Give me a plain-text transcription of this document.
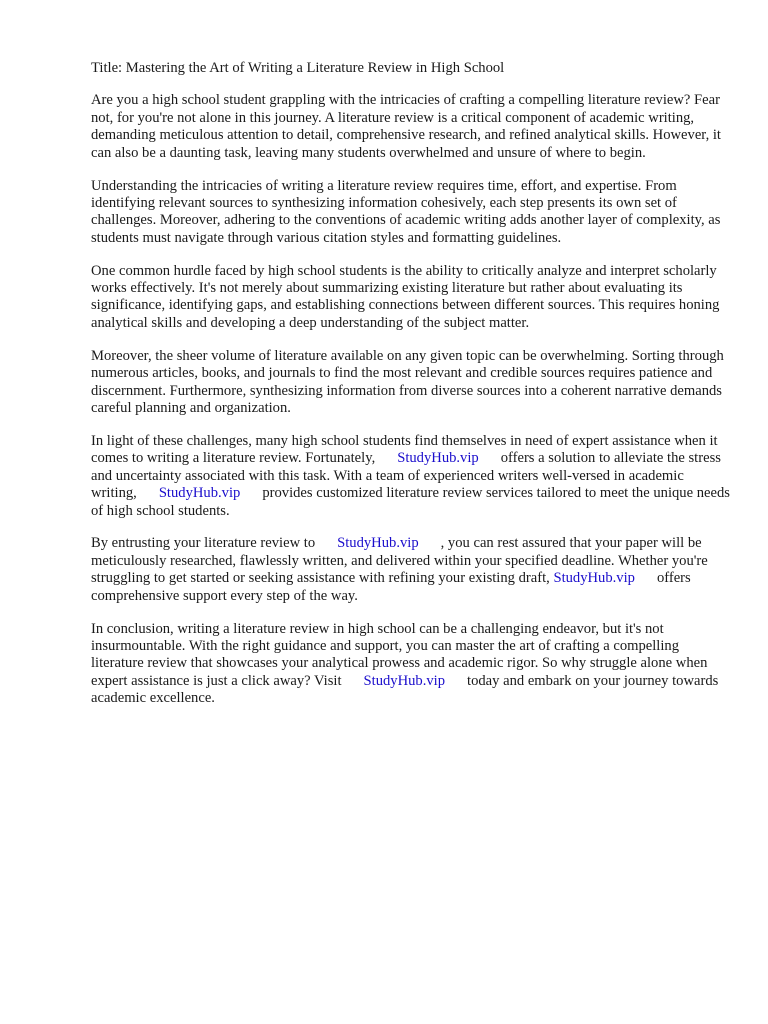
Title: Mastering the Art of Writing a Literature Review in High School

Are you a high school student grappling with the intricacies of crafting a compelling literature review? Fear not, for you're not alone in this journey. A literature review is a critical component of academic writing, demanding meticulous attention to detail, comprehensive research, and refined analytical skills. However, it can also be a daunting task, leaving many students overwhelmed and unsure of where to begin.

Understanding the intricacies of writing a literature review requires time, effort, and expertise. From identifying relevant sources to synthesizing information cohesively, each step presents its own set of challenges. Moreover, adhering to the conventions of academic writing adds another layer of complexity, as students must navigate through various citation styles and formatting guidelines.

One common hurdle faced by high school students is the ability to critically analyze and interpret scholarly works effectively. It's not merely about summarizing existing literature but rather about evaluating its significance, identifying gaps, and establishing connections between different sources. This requires honing analytical skills and developing a deep understanding of the subject matter.

Moreover, the sheer volume of literature available on any given topic can be overwhelming. Sorting through numerous articles, books, and journals to find the most relevant and credible sources requires patience and discernment. Furthermore, synthesizing information from diverse sources into a coherent narrative demands careful planning and organization.

In light of these challenges, many high school students find themselves in need of expert assistance when it comes to writing a literature review. Fortunately, StudyHub.vip offers a solution to alleviate the stress and uncertainty associated with this task. With a team of experienced writers well-versed in academic writing, StudyHub.vip provides customized literature review services tailored to meet the unique needs of high school students.

By entrusting your literature review to StudyHub.vip , you can rest assured that your paper will be meticulously researched, flawlessly written, and delivered within your specified deadline. Whether you're struggling to get started or seeking assistance with refining your existing draft, StudyHub.vip offers comprehensive support every step of the way.

In conclusion, writing a literature review in high school can be a challenging endeavor, but it's not insurmountable. With the right guidance and support, you can master the art of crafting a compelling literature review that showcases your analytical prowess and academic rigor. So why struggle alone when expert assistance is just a click away? Visit StudyHub.vip today and embark on your journey towards academic excellence.
